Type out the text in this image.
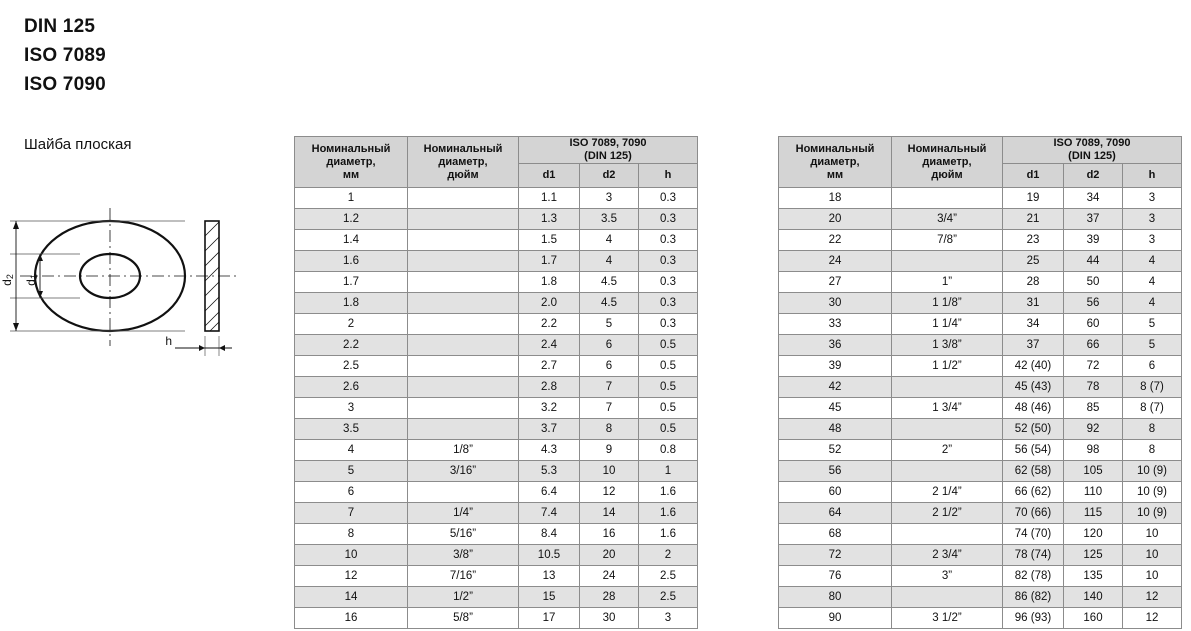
DIN 125
ISO 7089
ISO 7090
Шайба плоская
d2
d1
h
Номинальный
диаметр,
мм

Номинальный
диаметр,
дюйм

ISO 7089, 7090
(DIN 125)

		d1	d2	h
1		1.1	3	0.3
1.2		1.3	3.5	0.3
1.4		1.5	4	0.3
1.6		1.7	4	0.3
1.7		1.8	4.5	0.3
1.8		2.0	4.5	0.3
2		2.2	5	0.3
2.2		2.4	6	0.5
2.5		2.7	6	0.5
2.6		2.8	7	0.5
3		3.2	7	0.5
3.5		3.7	8	0.5
4	1/8”	4.3	9	0.8
5	3/16”	5.3	10	1
6		6.4	12	1.6
7	1/4”	7.4	14	1.6
8	5/16”	8.4	16	1.6
10	3/8”	10.5	20	2
12	7/16”	13	24	2.5
14	1/2”	15	28	2.5
16	5/8”	17	30	3
Номинальный
диаметр,
мм

Номинальный
диаметр,
дюйм

ISO 7089, 7090
(DIN 125)

		d1	d2	h
18		19	34	3
20	3/4”	21	37	3
22	7/8”	23	39	3
24		25	44	4
27	1”	28	50	4
30	1 1/8”	31	56	4
33	1 1/4”	34	60	5
36	1 3/8”	37	66	5
39	1 1/2”	42 (40)	72	6
42		45 (43)	78	8 (7)
45	1 3/4”	48 (46)	85	8 (7)
48		52 (50)	92	8
52	2”	56 (54)	98	8
56		62 (58)	105	10 (9)
60	2 1/4”	66 (62)	110	10 (9)
64	2 1/2”	70 (66)	115	10 (9)
68		74 (70)	120	10
72	2 3/4”	78 (74)	125	10
76	3”	82 (78)	135	10
80		86 (82)	140	12
90	3 1/2”	96 (93)	160	12
